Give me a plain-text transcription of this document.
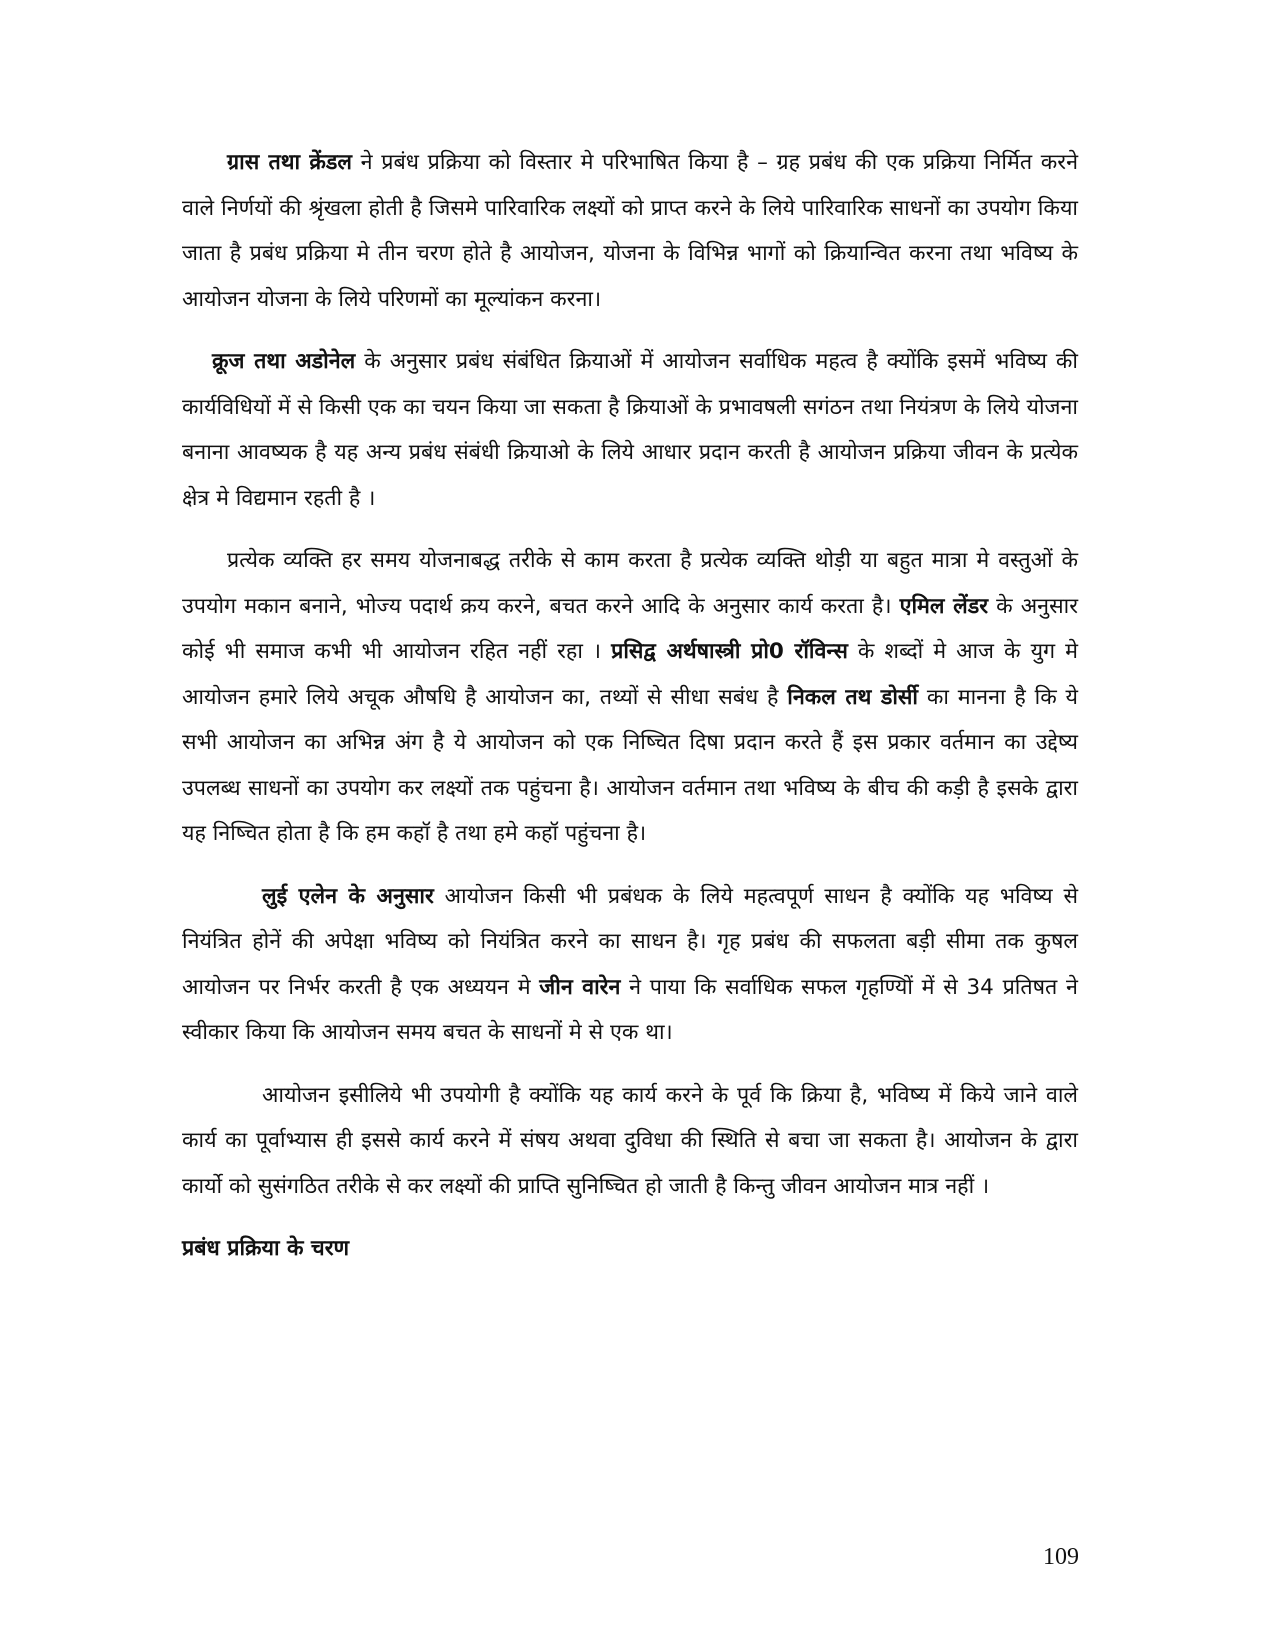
ग्रास तथा क्रेंडल ने प्रबंध प्रक्रिया को विस्तार मे परिभाषित किया है – ग्रह प्रबंध की एक प्रक्रिया निर्मित करने वाले निर्णयों की श्रृंखला होती है जिसमे पारिवारिक लक्ष्यों को प्राप्त करने के लिये पारिवारिक साधनों का उपयोग किया जाता है प्रबंध प्रक्रिया मे तीन चरण होते है आयोजन, योजना के विभिन्न भागों को क्रियान्वित करना तथा भविष्य के आयोजन योजना के लिये परिणमों का मूल्यांकन करना।

क्रूज तथा अडोनेल के अनुसार प्रबंध संबंधित क्रियाओं में आयोजन सर्वाधिक महत्व है क्योंकि इसमें भविष्य की कार्यविधियों में से किसी एक का चयन किया जा सकता है क्रियाओं के प्रभावषली सगंठन तथा नियंत्रण के लिये योजना बनाना आवष्यक है यह अन्य प्रबंध संबंधी क्रियाओ के लिये आधार प्रदान करती है आयोजन प्रक्रिया जीवन के प्रत्येक क्षेत्र मे विद्यमान रहती है ।

प्रत्येक व्यक्ति हर समय योजनाबद्ध तरीके से काम करता है प्रत्येक व्यक्ति थोड़ी या बहुत मात्रा मे वस्तुओं के उपयोग मकान बनाने, भोज्य पदार्थ क्रय करने, बचत करने आदि के अनुसार कार्य करता है। एमिल लेंडर के अनुसार कोई भी समाज कभी भी आयोजन रहित नहीं रहा । प्रसिद्व अर्थषास्त्री प्रो0 रॉविन्स के शब्दों मे आज के युग मे आयोजन हमारे लिये अचूक औषधि है आयोजन का, तथ्यों से सीधा सबंध है निकल तथ डोर्सी का मानना है कि ये सभी आयोजन का अभिन्न अंग है ये आयोजन को एक निष्चित दिषा प्रदान करते हैं इस प्रकार वर्तमान का उद्देष्य उपलब्ध साधनों का उपयोग कर लक्ष्यों तक पहुंचना है। आयोजन वर्तमान तथा भविष्य के बीच की कड़ी है इसके द्वारा यह निष्चित होता है कि हम कहॉ है तथा हमे कहॉ पहुंचना है।

लुई एलेन के अनुसार आयोजन किसी भी प्रबंधक के लिये महत्वपूर्ण साधन है क्योंकि यह भविष्य से नियंत्रित होनें की अपेक्षा भविष्य को नियंत्रित करने का साधन है। गृह प्रबंध की सफलता बड़ी सीमा तक कुषल आयोजन पर निर्भर करती है एक अध्ययन मे जीन वारेन ने पाया कि सर्वाधिक सफल गृहण्यिों में से 34 प्रतिषत ने स्वीकार किया कि आयोजन समय बचत के साधनों मे से एक था।

आयोजन इसीलिये भी उपयोगी है क्योंकि यह कार्य करने के पूर्व कि क्रिया है, भविष्य में किये जाने वाले कार्य का पूर्वाभ्यास ही इससे कार्य करने में संषय अथवा दुविधा की स्थिति से बचा जा सकता है। आयोजन के द्वारा कार्यो को सुसंगठित तरीके से कर लक्ष्यों की प्राप्ति सुनिष्चित हो जाती है किन्तु जीवन आयोजन मात्र नहीं ।

प्रबंध प्रक्रिया के चरण
109
